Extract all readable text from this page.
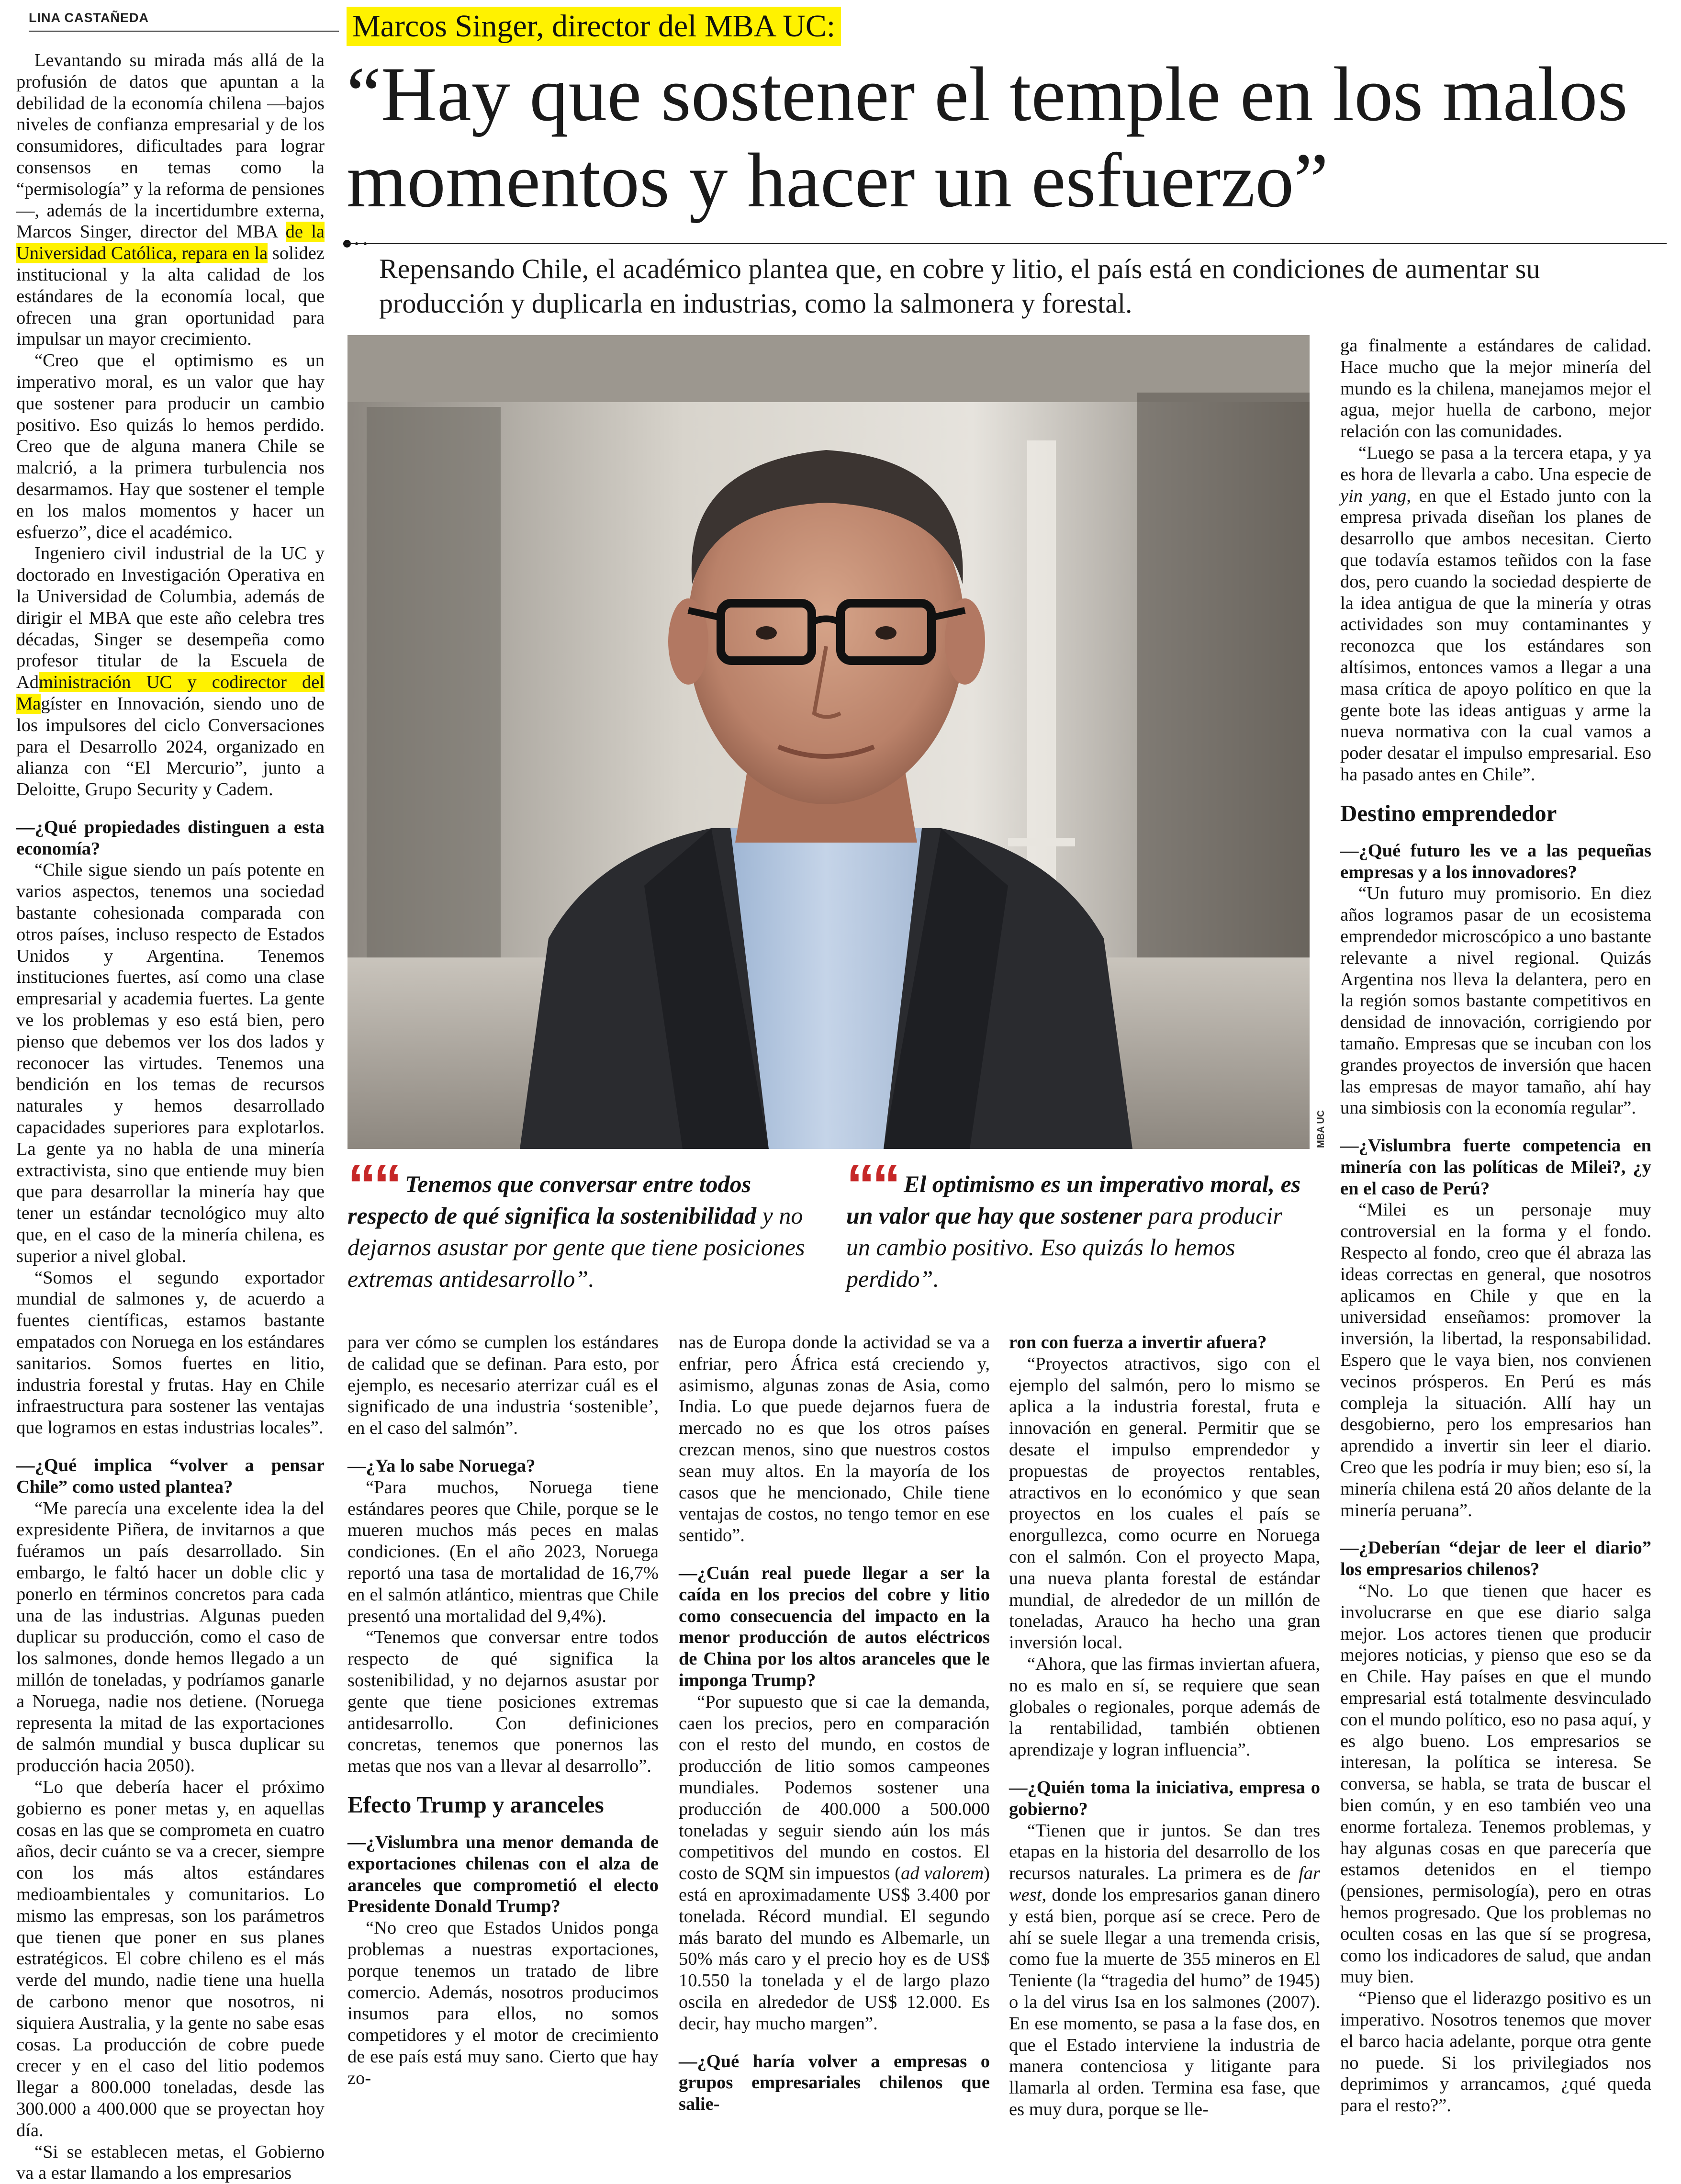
LINA CASTAÑEDA	Marcos Singer, director del MBA UC:
“Hay que sostener el temple en los malos momentos y hacer un esfuerzo”
Repensando Chile, el académico plantea que, en cobre y litio, el país está en condiciones de aumentar su producción y duplicarla en industrias, como la salmonera y forestal.
MBA UC
““ Tenemos que conversar entre todos respecto de qué significa la sostenibilidad y no dejarnos asustar por gente que tiene posiciones extremas antidesarrollo”.
““ El optimismo es un imperativo moral, es un valor que hay que sostener para producir un cambio positivo. Eso quizás lo hemos perdido”.

Levantando su mirada más allá de la profusión de datos que apuntan a la debilidad de la economía chilena —bajos niveles de confianza empresarial y de los consumidores, dificultades para lograr consensos en temas como la “permisología” y la reforma de pensiones—, además de la incertidumbre externa, Marcos Singer, director del MBA de la Universidad Católica, repara en la solidez institucional y la alta calidad de los estándares de la economía local, que ofrecen una gran oportunidad para impulsar un mayor crecimiento.

“Creo que el optimismo es un imperativo moral, es un valor que hay que sostener para producir un cambio positivo. Eso quizás lo hemos perdido. Creo que de alguna manera Chile se malcrió, a la primera turbulencia nos desarmamos. Hay que sostener el temple en los malos momentos y hacer un esfuerzo”, dice el académico.

Ingeniero civil industrial de la UC y doctorado en Investigación Operativa en la Universidad de Columbia, además de dirigir el MBA que este año celebra tres décadas, Singer se desempeña como profesor titular de la Escuela de Administración UC y codirector del Magíster en Innovación, siendo uno de los impulsores del ciclo Conversaciones para el Desarrollo 2024, organizado en alianza con “El Mercurio”, junto a Deloitte, Grupo Security y Cadem.

—¿Qué propiedades distinguen a esta economía?

“Chile sigue siendo un país potente en varios aspectos, tenemos una sociedad bastante cohesionada comparada con otros países, incluso respecto de Estados Unidos y Argentina. Tenemos instituciones fuertes, así como una clase empresarial y academia fuertes. La gente ve los problemas y eso está bien, pero pienso que debemos ver los dos lados y reconocer las virtudes. Tenemos una bendición en los temas de recursos naturales y hemos desarrollado capacidades superiores para explotarlos. La gente ya no habla de una minería extractivista, sino que entiende muy bien que para desarrollar la minería hay que tener un estándar tecnológico muy alto que, en el caso de la minería chilena, es superior a nivel global.

“Somos el segundo exportador mundial de salmones y, de acuerdo a fuentes científicas, estamos bastante empatados con Noruega en los estándares sanitarios. Somos fuertes en litio, industria forestal y frutas. Hay en Chile infraestructura para sostener las ventajas que logramos en estas industrias locales”.

—¿Qué implica “volver a pensar Chile” como usted plantea?

“Me parecía una excelente idea la del expresidente Piñera, de invitarnos a que fuéramos un país desarrollado. Sin embargo, le faltó hacer un doble clic y ponerlo en términos concretos para cada una de las industrias. Algunas pueden duplicar su producción, como el caso de los salmones, donde hemos llegado a un millón de toneladas, y podríamos ganarle a Noruega, nadie nos detiene. (Noruega representa la mitad de las exportaciones de salmón mundial y busca duplicar su producción hacia 2050).

“Lo que debería hacer el próximo gobierno es poner metas y, en aquellas cosas en las que se comprometa en cuatro años, decir cuánto se va a crecer, siempre con los más altos estándares medioambientales y comunitarios. Lo mismo las empresas, son los parámetros que tienen que poner en sus planes estratégicos. El cobre chileno es el más verde del mundo, nadie tiene una huella de carbono menor que nosotros, ni siquiera Australia, y la gente no sabe esas cosas. La producción de cobre puede crecer y en el caso del litio podemos llegar a 800.000 toneladas, desde las 300.000 a 400.000 que se proyectan hoy día.

“Si se establecen metas, el Gobierno va a estar llamando a los empresarios

para ver cómo se cumplen los estándares de calidad que se definan. Para esto, por ejemplo, es necesario aterrizar cuál es el significado de una industria ‘sostenible’, en el caso del salmón”.

—¿Ya lo sabe Noruega?

“Para muchos, Noruega tiene estándares peores que Chile, porque se le mueren muchos más peces en malas condiciones. (En el año 2023, Noruega reportó una tasa de mortalidad de 16,7% en el salmón atlántico, mientras que Chile presentó una mortalidad del 9,4%).

“Tenemos que conversar entre todos respecto de qué significa la sostenibilidad, y no dejarnos asustar por gente que tiene posiciones extremas antidesarrollo. Con definiciones concretas, tenemos que ponernos las metas que nos van a llevar al desarrollo”.

Efecto Trump y aranceles

—¿Vislumbra una menor demanda de exportaciones chilenas con el alza de aranceles que comprometió el electo Presidente Donald Trump?

“No creo que Estados Unidos ponga problemas a nuestras exportaciones, porque tenemos un tratado de libre comercio. Además, nosotros producimos insumos para ellos, no somos competidores y el motor de crecimiento de ese país está muy sano. Cierto que hay zo-

nas de Europa donde la actividad se va a enfriar, pero África está creciendo y, asimismo, algunas zonas de Asia, como India. Lo que puede dejarnos fuera de mercado no es que los otros países crezcan menos, sino que nuestros costos sean muy altos. En la mayoría de los casos que he mencionado, Chile tiene ventajas de costos, no tengo temor en ese sentido”.

—¿Cuán real puede llegar a ser la caída en los precios del cobre y litio como consecuencia del impacto en la menor producción de autos eléctricos de China por los altos aranceles que le imponga Trump?

“Por supuesto que si cae la demanda, caen los precios, pero en comparación con el resto del mundo, en costos de producción de litio somos campeones mundiales. Podemos sostener una producción de 400.000 a 500.000 toneladas y seguir siendo aún los más competitivos del mundo en costos. El costo de SQM sin impuestos (ad valorem) está en aproximadamente US$ 3.400 por tonelada. Récord mundial. El segundo más barato del mundo es Albemarle, un 50% más caro y el precio hoy es de US$ 10.550 la tonelada y el de largo plazo oscila en alrededor de US$ 12.000. Es decir, hay mucho margen”.

—¿Qué haría volver a empresas o grupos empresariales chilenos que salie-

ron con fuerza a invertir afuera?

“Proyectos atractivos, sigo con el ejemplo del salmón, pero lo mismo se aplica a la industria forestal, fruta e innovación en general. Permitir que se desate el impulso emprendedor y propuestas de proyectos rentables, atractivos en lo económico y que sean proyectos en los cuales el país se enorgullezca, como ocurre en Noruega con el salmón. Con el proyecto Mapa, una nueva planta forestal de estándar mundial, de alrededor de un millón de toneladas, Arauco ha hecho una gran inversión local.

“Ahora, que las firmas inviertan afuera, no es malo en sí, se requiere que sean globales o regionales, porque además de la rentabilidad, también obtienen aprendizaje y logran influencia”.

—¿Quién toma la iniciativa, empresa o gobierno?

“Tienen que ir juntos. Se dan tres etapas en la historia del desarrollo de los recursos naturales. La primera es de far west, donde los empresarios ganan dinero y está bien, porque así se crece. Pero de ahí se suele llegar a una tremenda crisis, como fue la muerte de 355 mineros en El Teniente (la “tragedia del humo” de 1945) o la del virus Isa en los salmones (2007). En ese momento, se pasa a la fase dos, en que el Estado interviene la industria de manera contenciosa y litigante para llamarla al orden. Termina esa fase, que es muy dura, porque se lle-

ga finalmente a estándares de calidad. Hace mucho que la mejor minería del mundo es la chilena, manejamos mejor el agua, mejor huella de carbono, mejor relación con las comunidades.

“Luego se pasa a la tercera etapa, y ya es hora de llevarla a cabo. Una especie de yin yang, en que el Estado junto con la empresa privada diseñan los planes de desarrollo que ambos necesitan. Cierto que todavía estamos teñidos con la fase dos, pero cuando la sociedad despierte de la idea antigua de que la minería y otras actividades son muy contaminantes y reconozca que los estándares son altísimos, entonces vamos a llegar a una masa crítica de apoyo político en que la gente bote las ideas antiguas y arme la nueva normativa con la cual vamos a poder desatar el impulso empresarial. Eso ha pasado antes en Chile”.

Destino emprendedor

—¿Qué futuro les ve a las pequeñas empresas y a los innovadores?

“Un futuro muy promisorio. En diez años logramos pasar de un ecosistema emprendedor microscópico a uno bastante relevante a nivel regional. Quizás Argentina nos lleva la delantera, pero en la región somos bastante competitivos en densidad de innovación, corrigiendo por tamaño. Empresas que se incuban con los grandes proyectos de inversión que hacen las empresas de mayor tamaño, ahí hay una simbiosis con la economía regular”.

—¿Vislumbra fuerte competencia en minería con las políticas de Milei?, ¿y en el caso de Perú?

“Milei es un personaje muy controversial en la forma y el fondo. Respecto al fondo, creo que él abraza las ideas correctas en general, que nosotros aplicamos en Chile y que en la universidad enseñamos: promover la inversión, la libertad, la responsabilidad. Espero que le vaya bien, nos convienen vecinos prósperos. En Perú es más compleja la situación. Allí hay un desgobierno, pero los empresarios han aprendido a invertir sin leer el diario. Creo que les podría ir muy bien; eso sí, la minería chilena está 20 años delante de la minería peruana”.

—¿Deberían “dejar de leer el diario” los empresarios chilenos?

“No. Lo que tienen que hacer es involucrarse en que ese diario salga mejor. Los actores tienen que producir mejores noticias, y pienso que eso se da en Chile. Hay países en que el mundo empresarial está totalmente desvinculado con el mundo político, eso no pasa aquí, y es algo bueno. Los empresarios se interesan, la política se interesa. Se conversa, se habla, se trata de buscar el bien común, y en eso también veo una enorme fortaleza. Tenemos problemas, y hay algunas cosas en que parecería que estamos detenidos en el tiempo (pensiones, permisología), pero en otras hemos progresado. Que los problemas no oculten cosas en las que sí se progresa, como los indicadores de salud, que andan muy bien.

“Pienso que el liderazgo positivo es un imperativo. Nosotros tenemos que mover el barco hacia adelante, porque otra gente no puede. Si los privilegiados nos deprimimos y arrancamos, ¿qué queda para el resto?”.
